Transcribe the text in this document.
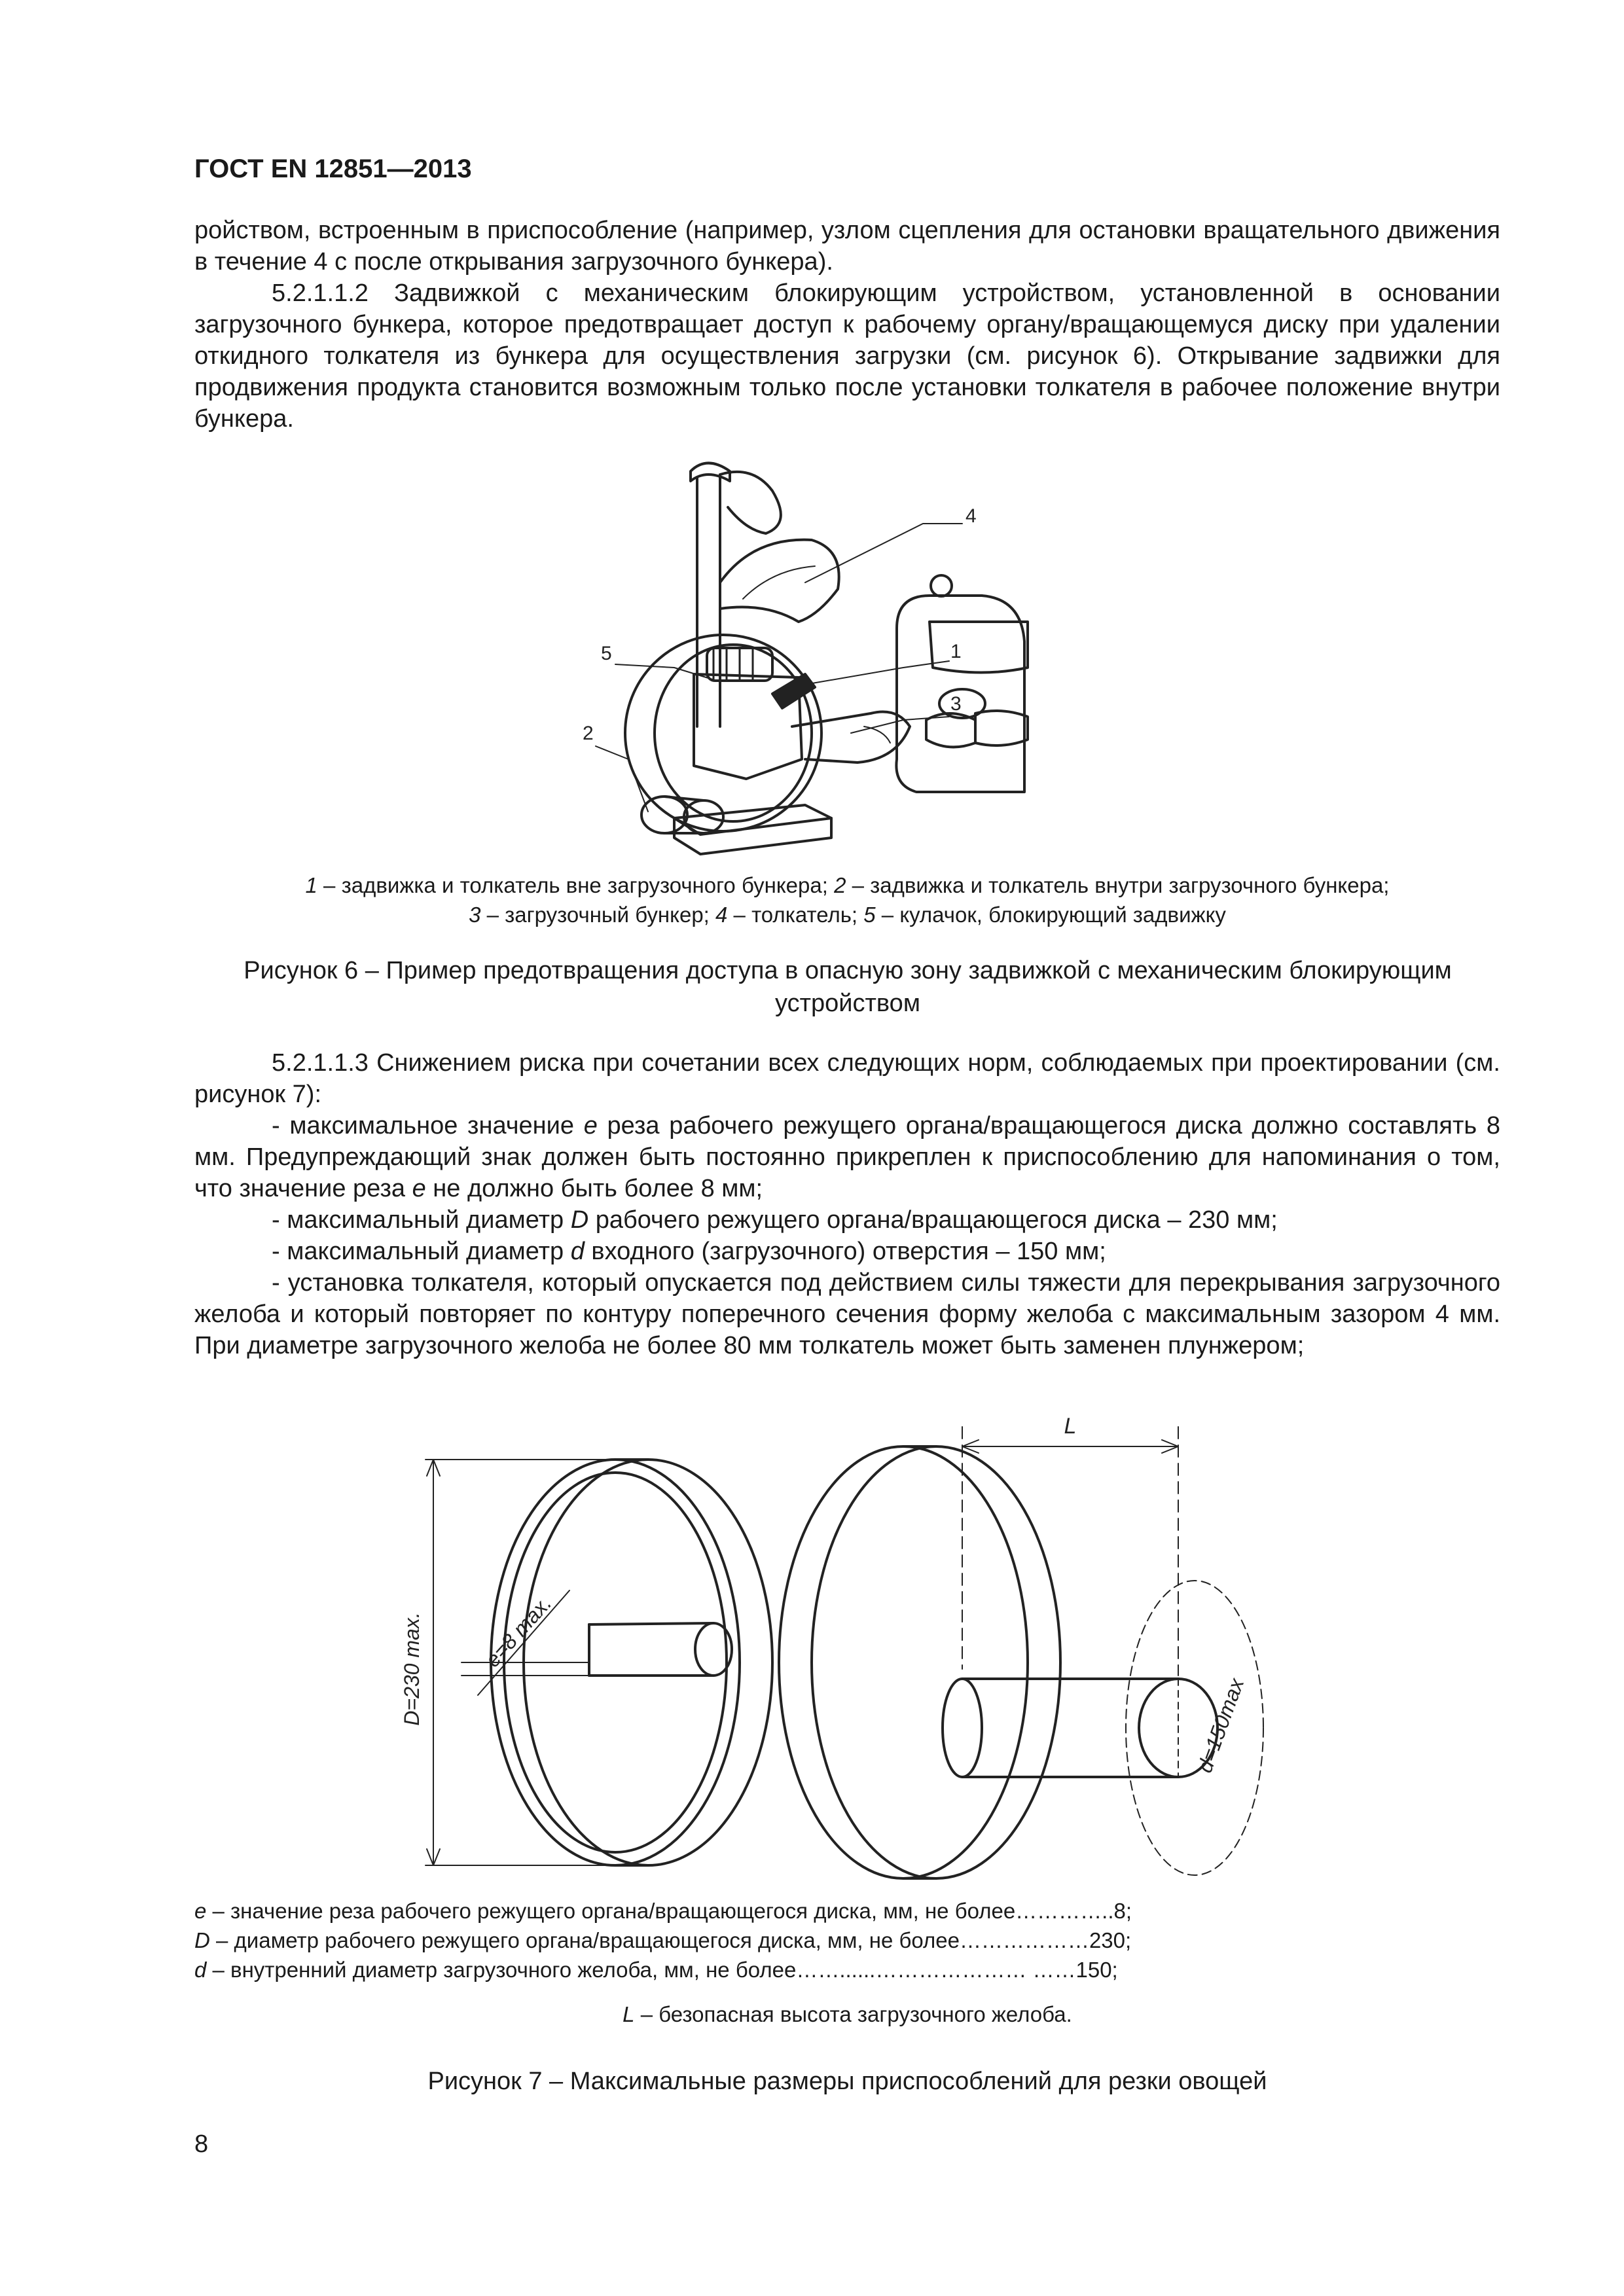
ГОСТ EN 12851—2013
ройством, встроенным в приспособление (например, узлом сцепления для остановки вращательного движения в течение 4 с после открывания загрузочного бункера).
5.2.1.1.2 Задвижкой с механическим блокирующим устройством, установленной в основании загрузочного бункера, которое предотвращает доступ к рабочему органу/вращающемуся диску при удалении откидного толкателя из бункера для осуществления загрузки (см. рисунок 6). Открывание задвижки для продвижения продукта становится возможным только после установки толкателя в рабочее положение внутри бункера.
5
4
1
3
2
1 – задвижка и толкатель вне загрузочного бункера; 2 – задвижка и толкатель внутри загрузочного бункера;
3 – загрузочный бункер; 4 – толкатель; 5 – кулачок, блокирующий задвижку
Рисунок 6 – Пример предотвращения доступа в опасную зону задвижкой с механическим блокирующим устройством
5.2.1.1.3 Снижением риска при сочетании всех следующих норм, соблюдаемых при проектировании (см. рисунок 7):
- максимальное значение е реза рабочего режущего органа/вращающегося диска должно составлять 8 мм. Предупреждающий знак должен быть постоянно прикреплен к приспособлению для напоминания о том, что значение реза е не должно быть более 8 мм;
- максимальный диаметр D рабочего режущего органа/вращающегося диска – 230 мм;
- максимальный диаметр d входного (загрузочного) отверстия – 150 мм;
- установка толкателя, который опускается под действием силы тяжести для перекрывания загрузочного желоба и который повторяет по контуру поперечного сечения форму желоба с максимальным зазором 4 мм. При диаметре загрузочного желоба не более 80 мм толкатель может быть заменен плунжером;
D=230 max.	e=8 max.
d=150max
L
e – значение реза рабочего режущего органа/вращающегося диска, мм, не более…………..8;
D – диаметр рабочего режущего органа/вращающегося диска, мм, не более………………230;
d – внутренний диаметр загрузочного желоба, мм, не более……......………………… ……150;
L – безопасная высота загрузочного желоба.
Рисунок 7 – Максимальные размеры приспособлений для резки овощей
8
